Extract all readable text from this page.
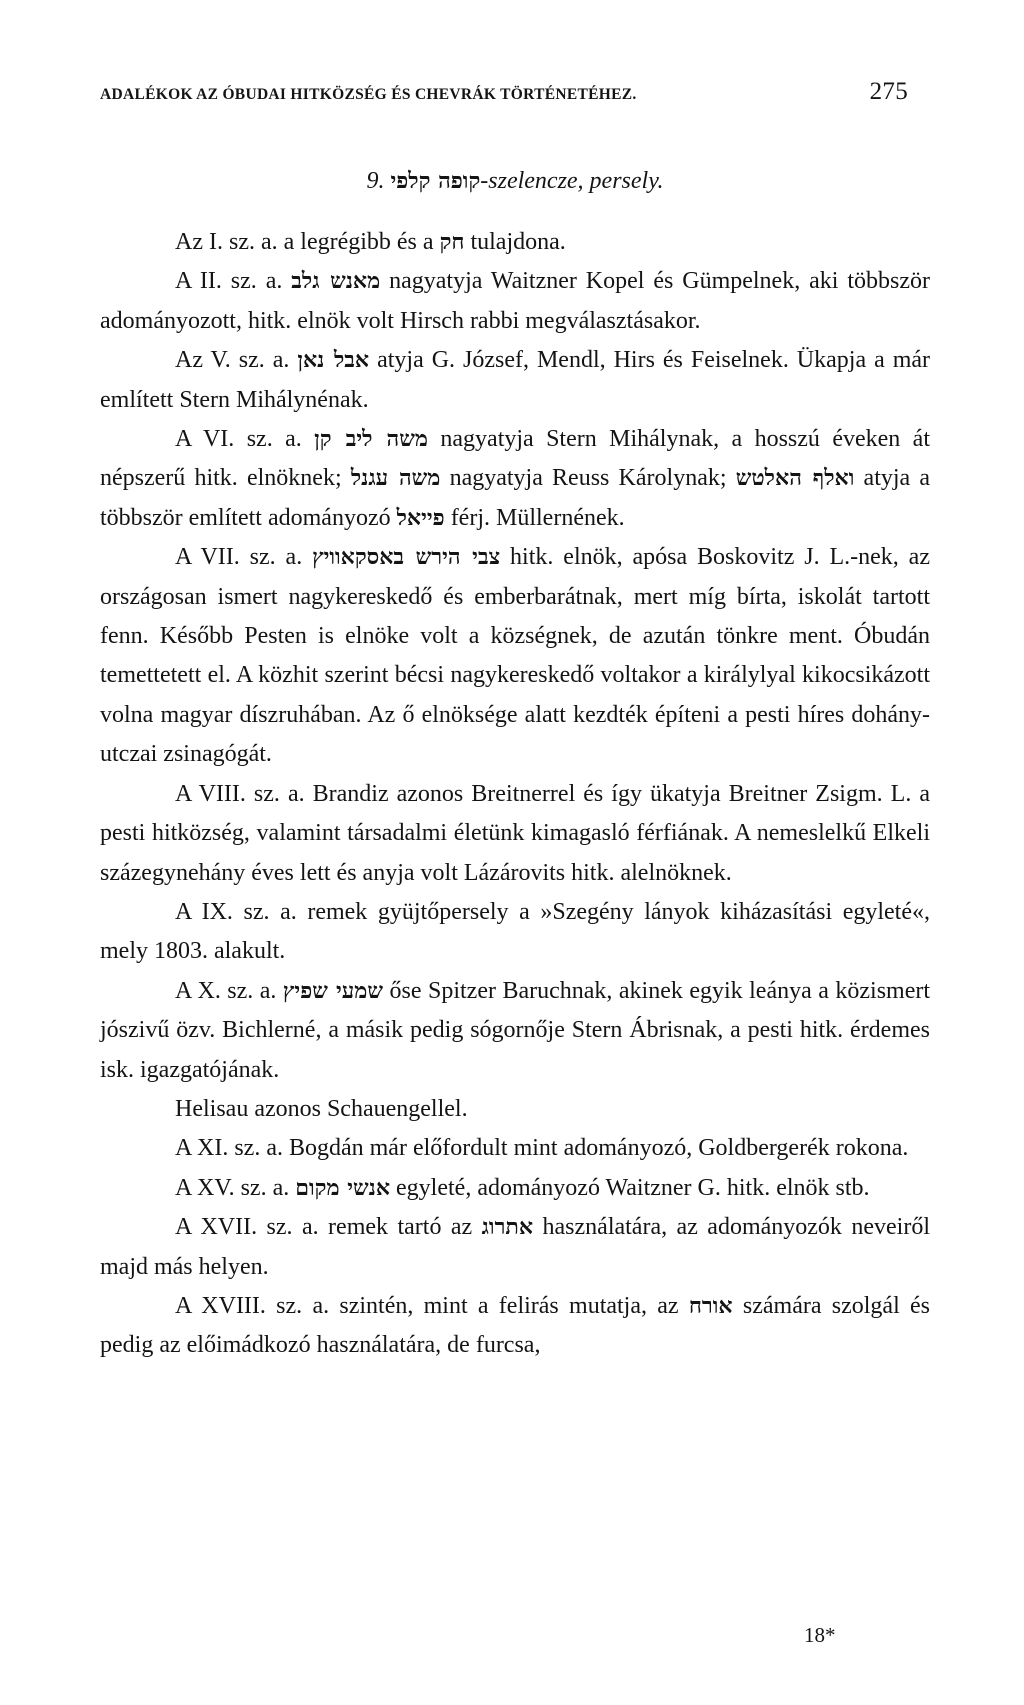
ADALÉKOK AZ ÓBUDAI HITKÖZSÉG ÉS CHEVRÁK TÖRTÉNETÉHEZ.	275
9. קופה קלפי-szelencze, persely.

Az I. sz. a. a legrégibb és a חק tulajdona.

A II. sz. a. מאנש גלב nagyatyja Waitzner Kopel és Gümpelnek, aki többször adományozott, hitk. elnök volt Hirsch rabbi megválasztásakor.

Az V. sz. a. אבל נאן atyja G. József, Mendl, Hirs és Feiselnek. Ükapja a már említett Stern Mihálynénak.

A VI. sz. a. משה ליב קן nagyatyja Stern Mihálynak, a hosszú éveken át népszerű hitk. elnöknek; משה עגנל nagyatyja Reuss Károlynak; ואלף האלטש atyja a többször említett adományozó פייאל férj. Müllernének.

A VII. sz. a. צבי הירש באסקאוויץ hitk. elnök, apósa Boskovitz J. L.-nek, az országosan ismert nagykereskedő és emberbarátnak, mert míg bírta, iskolát tartott fenn. Később Pesten is elnöke volt a községnek, de azután tönkre ment. Óbudán temettetett el. A közhit szerint bécsi nagykereskedő voltakor a királylyal kikocsikázott volna magyar díszruhában. Az ő elnöksége alatt kezdték építeni a pesti híres dohány-utczai zsinagógát.

A VIII. sz. a. Brandiz azonos Breitnerrel és így ükatyja Breitner Zsigm. L. a pesti hitközség, valamint társadalmi életünk kimagasló férfiának. A nemeslelkű Elkeli százegynehány éves lett és anyja volt Lázárovits hitk. alelnöknek.

A IX. sz. a. remek gyüjtőpersely a »Szegény lányok kiházasítási egyleté«, mely 1803. alakult.

A X. sz. a. שמעי שפיץ őse Spitzer Baruchnak, akinek egyik leánya a közismert jószivű özv. Bichlerné, a másik pedig sógornője Stern Ábrisnak, a pesti hitk. érdemes isk. igazgatójának.

Helisau azonos Schauengellel.

A XI. sz. a. Bogdán már előfordult mint adományozó, Goldbergerék rokona.

A XV. sz. a. אנשי מקום egyleté, adományozó Waitzner G. hitk. elnök stb.

A XVII. sz. a. remek tartó az אתרוג használatára, az adományozók neveiről majd más helyen.

A XVIII. sz. a. szintén, mint a felirás mutatja, az אורח számára szolgál és pedig az előimádkozó használatára, de furcsa,

18*
